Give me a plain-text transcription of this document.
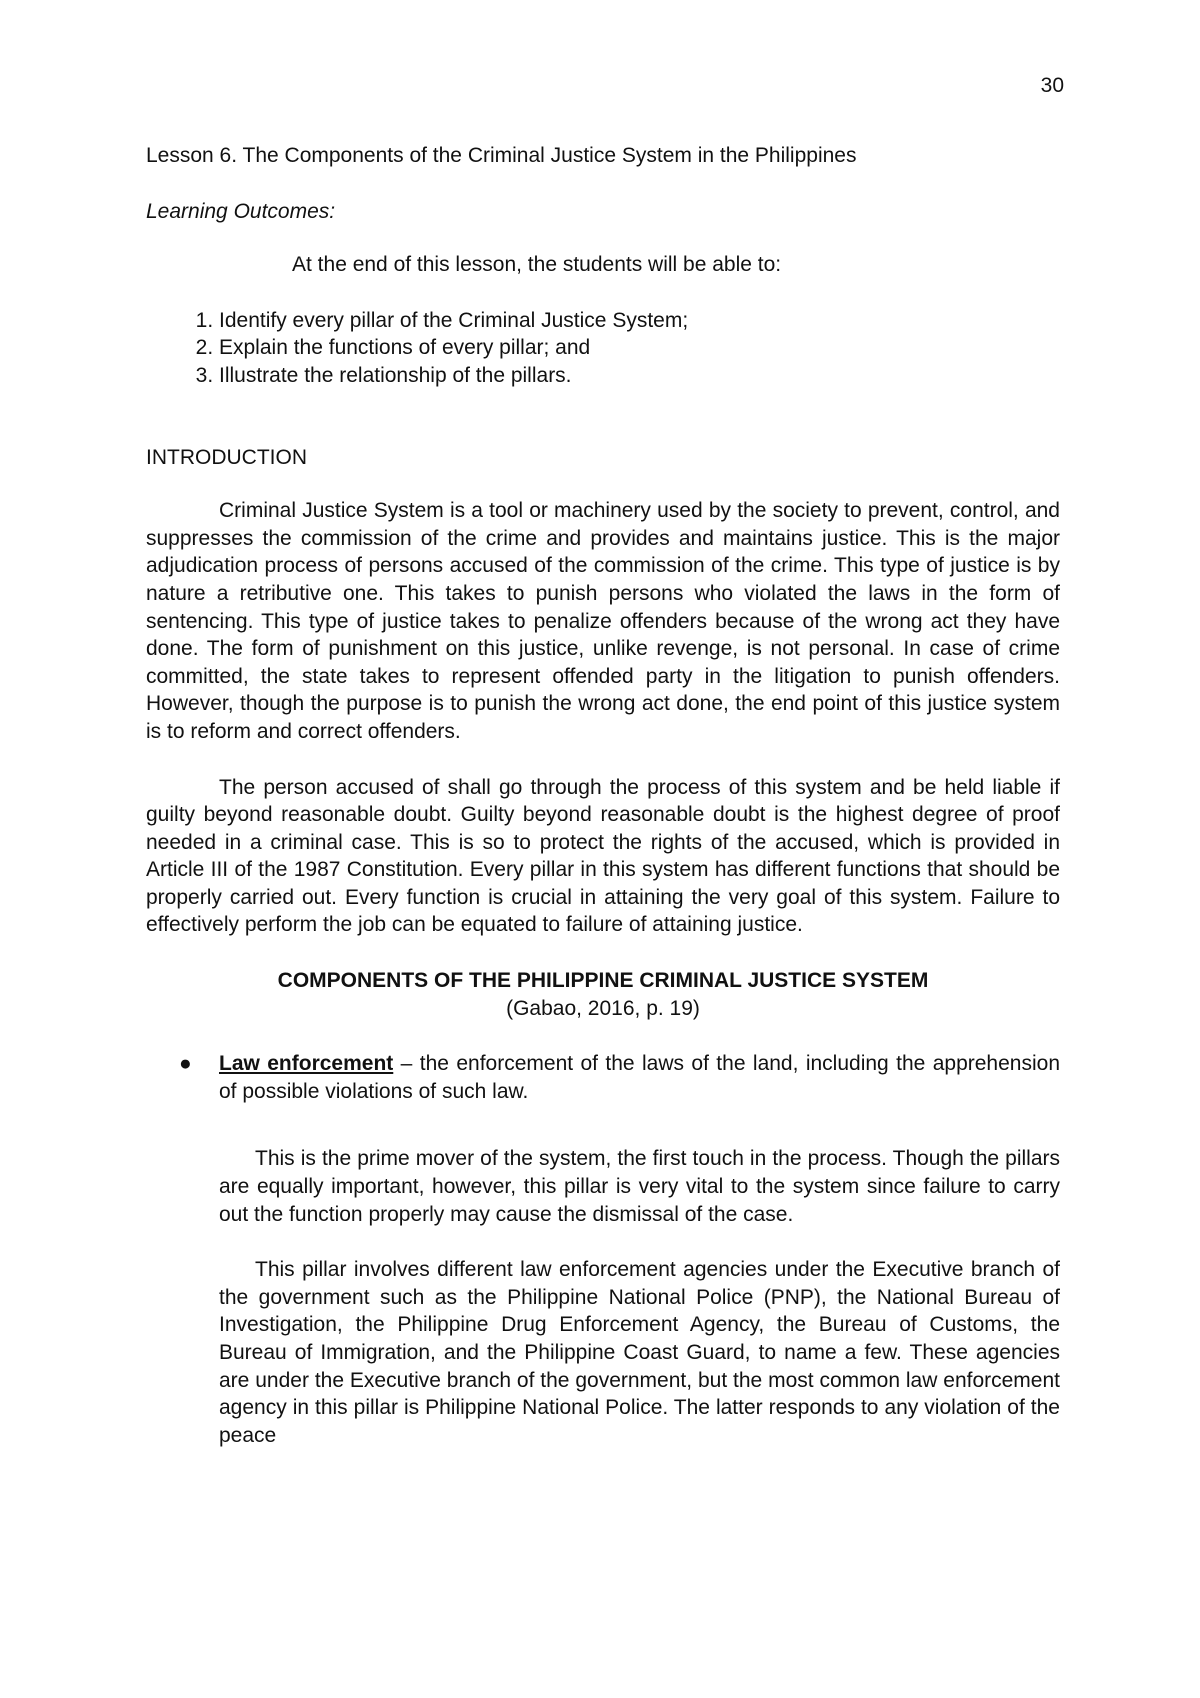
30

Lesson 6. The Components of the Criminal Justice System in the Philippines

Learning Outcomes:

At the end of this lesson, the students will be able to:

1. Identify every pillar of the Criminal Justice System;
2. Explain the functions of every pillar; and
3. Illustrate the relationship of the pillars.

INTRODUCTION

Criminal Justice System is a tool or machinery used by the society to prevent, control, and suppresses the commission of the crime and provides and maintains justice. This is the major adjudication process of persons accused of the commission of the crime. This type of justice is by nature a retributive one. This takes to punish persons who violated the laws in the form of sentencing. This type of justice takes to penalize offenders because of the wrong act they have done. The form of punishment on this justice, unlike revenge, is not personal. In case of crime committed, the state takes to represent offended party in the litigation to punish offenders. However, though the purpose is to punish the wrong act done, the end point of this justice system is to reform and correct offenders.

The person accused of shall go through the process of this system and be held liable if guilty beyond reasonable doubt. Guilty beyond reasonable doubt is the highest degree of proof needed in a criminal case. This is so to protect the rights of the accused, which is provided in Article III of the 1987 Constitution. Every pillar in this system has different functions that should be properly carried out. Every function is crucial in attaining the very goal of this system. Failure to effectively perform the job can be equated to failure of attaining justice.

COMPONENTS OF THE PHILIPPINE CRIMINAL JUSTICE SYSTEM

(Gabao, 2016, p. 19)

● Law enforcement – the enforcement of the laws of the land, including the apprehension of possible violations of such law.

This is the prime mover of the system, the first touch in the process. Though the pillars are equally important, however, this pillar is very vital to the system since failure to carry out the function properly may cause the dismissal of the case.

This pillar involves different law enforcement agencies under the Executive branch of the government such as the Philippine National Police (PNP), the National Bureau of Investigation, the Philippine Drug Enforcement Agency, the Bureau of Customs, the Bureau of Immigration, and the Philippine Coast Guard, to name a few. These agencies are under the Executive branch of the government, but the most common law enforcement agency in this pillar is Philippine National Police. The latter responds to any violation of the peace
